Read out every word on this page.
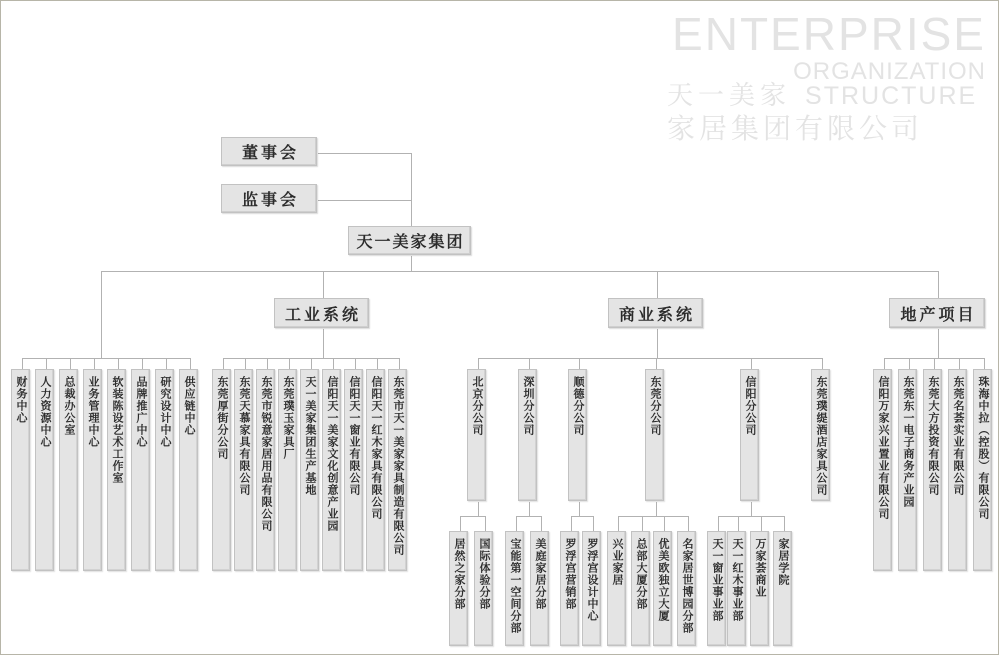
ENTERPRISE
ORGANIZATION
天一美家 STRUCTURE
家居集团有限公司
董事会
监事会
天一美家集团
工业系统	商业系统	地产项目
财务中心	人力资源中心	总裁办公室	业务管理中心	软装陈设艺术工作室	品牌推广中心	研究设计中心	供应链中心	东莞厚街分公司 东莞天慕家具有限公司 东莞市锐意家居用品有限公司 东莞璞玉家具厂 天一美家集团生产基地 信阳天一美家文化创意产业园 信阳天一窗业有限公司 信阳天一红木家具有限公司 东莞市天一美家家具制造有限公司	信阳万家兴业置业有限公司	东莞东一电子商务产业园	东莞大方投资有限公司	东莞名荟实业有限公司	珠海中拉（控股）有限公司
北京分公司
居然之家分部	国际体验分部
深圳分公司
宝能第一空间分部	美庭家居分部
顺德分公司
罗浮宫营销部 罗浮宫设计中心
东莞分公司
兴业家居	总部大厦分部 优美欧独立大厦	名家居世博园分部
信阳分公司
天一窗业事业部 天一红木事业部	万家荟商业	家居学院
东莞璞缇酒店家具公司
